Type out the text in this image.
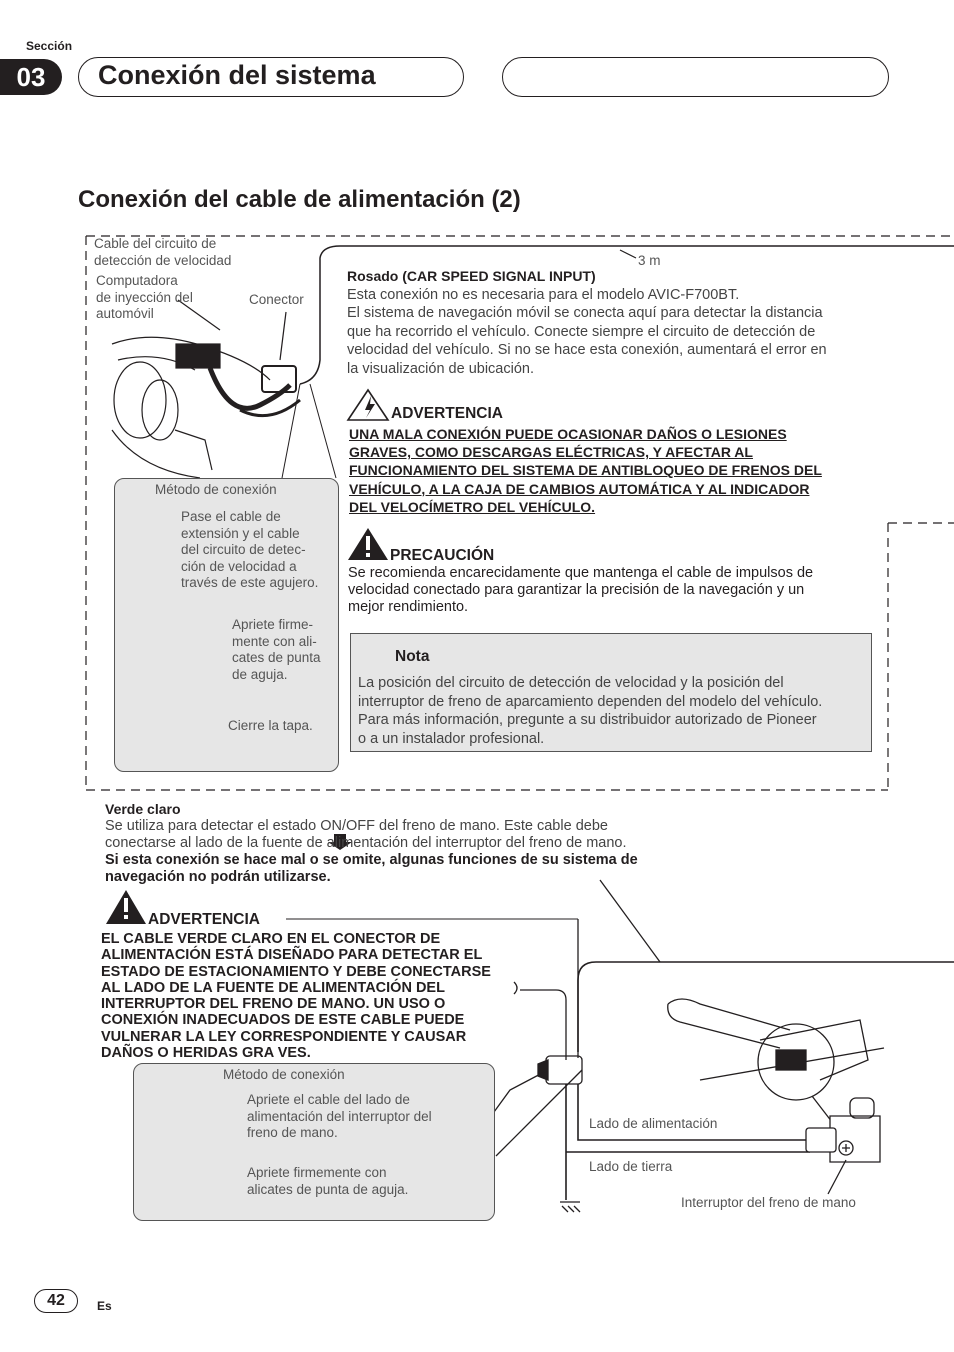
Sección
03	Conexión del sistema
Conexión del cable de alimentación (2)
Cable del circuito de
detección de velocidad
Computadora
de inyección del
automóvil
Conector
3 m
Método de conexión
Pase el cable de
extensión y el cable
del circuito de detec-
ción de velocidad a
través de este agujero.
Apriete firme-
mente con ali-
cates de punta
de aguja.
Cierre la tapa.
Rosado (CAR SPEED SIGNAL INPUT)
Esta conexión no es necesaria para el modelo AVIC-F700BT.
El sistema de navegación móvil se conecta aquí para detectar la distancia
que ha recorrido el vehículo. Conecte siempre el circuito de detección de
velocidad del vehículo. Si no se hace esta conexión, aumentará el error en
la visualización de ubicación.
ADVERTENCIA
UNA MALA CONEXIÓN PUEDE OCASIONAR DAÑOS O LESIONES
GRAVES, COMO DESCARGAS ELÉCTRICAS, Y AFECTAR AL
FUNCIONAMIENTO DEL SISTEMA DE ANTIBLOQUEO DE FRENOS DEL
VEHÍCULO, A LA CAJA DE CAMBIOS AUTOMÁTICA Y AL INDICADOR
DEL VELOCÍMETRO DEL VEHÍCULO.
PRECAUCIÓN
Se recomienda encarecidamente que mantenga el cable de impulsos de
velocidad conectado para garantizar la precisión de la navegación y un
mejor rendimiento.
Nota
La posición del circuito de detección de velocidad y la posición del
interruptor de freno de aparcamiento dependen del modelo del vehículo.
Para más información, pregunte a su distribuidor autorizado de Pioneer
o a un instalador profesional.
Verde claro
Se utiliza para detectar el estado ON/OFF del freno de mano. Este cable debe
conectarse al lado de la fuente de alimentación del interruptor del freno de mano.
Si esta conexión se hace mal o se omite, algunas funciones de su sistema de
navegación no podrán utilizarse.
ADVERTENCIA
EL CABLE VERDE CLARO EN EL CONECTOR DE
ALIMENTACIÓN ESTÁ DISEÑADO PARA DETECTAR EL
ESTADO DE ESTACIONAMIENTO Y DEBE CONECTARSE
AL LADO DE LA FUENTE DE ALIMENTACIÓN DEL
INTERRUPTOR DEL FRENO DE MANO. UN USO O
CONEXIÓN INADECUADOS DE ESTE CABLE PUEDE
VULNERAR LA LEY CORRESPONDIENTE Y CAUSAR
DAÑOS O HERIDAS GRA VES.
Método de conexión
Apriete el cable del lado de
alimentación del interruptor del
freno de mano.
Apriete firmemente con
alicates de punta de aguja.
Lado de alimentación
Lado de tierra
Interruptor del freno de mano
42	Es
